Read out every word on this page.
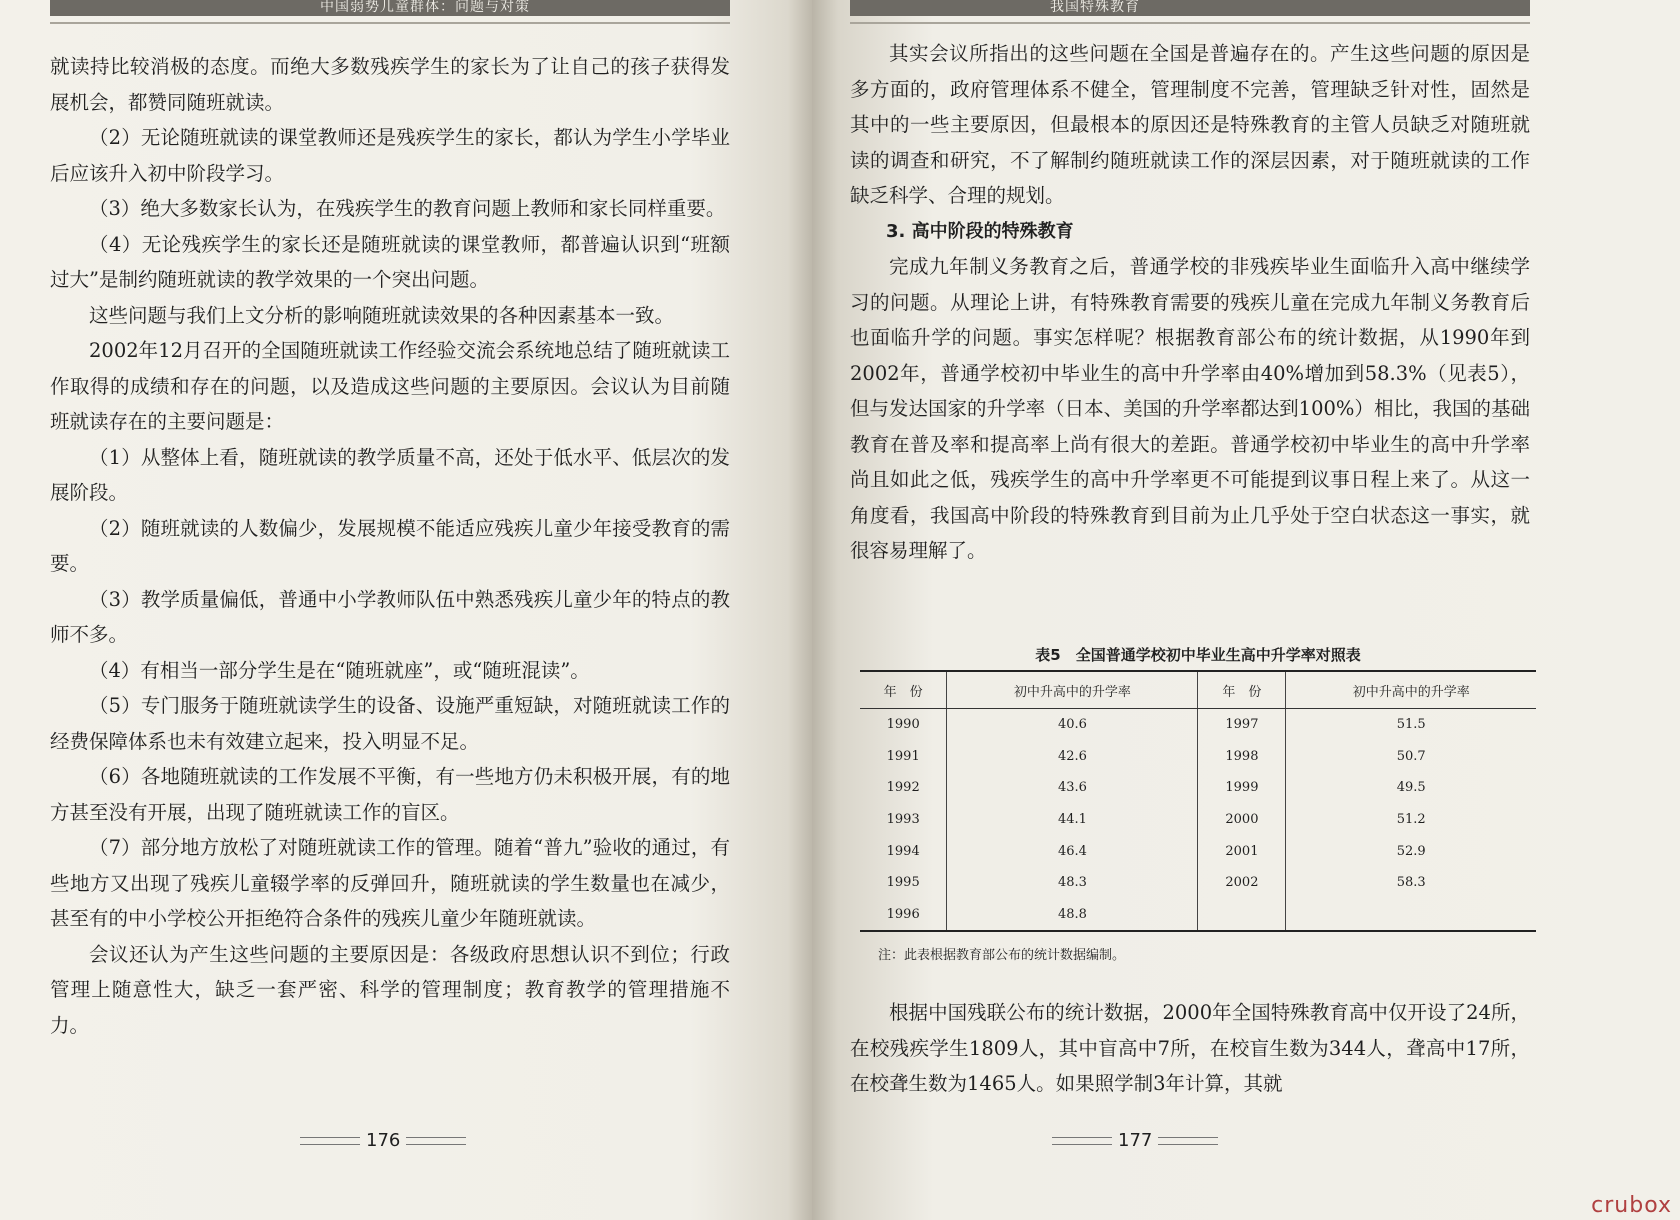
中国弱势儿童群体：问题与对策

就读持比较消极的态度。而绝大多数残疾学生的家长为了让自己的孩子获得发展机会，都赞同随班就读。

（2）无论随班就读的课堂教师还是残疾学生的家长，都认为学生小学毕业后应该升入初中阶段学习。

（3）绝大多数家长认为，在残疾学生的教育问题上教师和家长同样重要。

（4）无论残疾学生的家长还是随班就读的课堂教师，都普遍认识到“班额过大”是制约随班就读的教学效果的一个突出问题。

这些问题与我们上文分析的影响随班就读效果的各种因素基本一致。

2002年12月召开的全国随班就读工作经验交流会系统地总结了随班就读工作取得的成绩和存在的问题，以及造成这些问题的主要原因。会议认为目前随班就读存在的主要问题是：

（1）从整体上看，随班就读的教学质量不高，还处于低水平、低层次的发展阶段。

（2）随班就读的人数偏少，发展规模不能适应残疾儿童少年接受教育的需要。

（3）教学质量偏低，普通中小学教师队伍中熟悉残疾儿童少年的特点的教师不多。

（4）有相当一部分学生是在“随班就座”，或“随班混读”。

（5）专门服务于随班就读学生的设备、设施严重短缺，对随班就读工作的经费保障体系也未有效建立起来，投入明显不足。

（6）各地随班就读的工作发展不平衡，有一些地方仍未积极开展，有的地方甚至没有开展，出现了随班就读工作的盲区。

（7）部分地方放松了对随班就读工作的管理。随着“普九”验收的通过，有些地方又出现了残疾儿童辍学率的反弹回升，随班就读的学生数量也在减少，甚至有的中小学校公开拒绝符合条件的残疾儿童少年随班就读。

会议还认为产生这些问题的主要原因是：各级政府思想认识不到位；行政管理上随意性大，缺乏一套严密、科学的管理制度；教育教学的管理措施不力。

176
我国特殊教育

其实会议所指出的这些问题在全国是普遍存在的。产生这些问题的原因是多方面的，政府管理体系不健全，管理制度不完善，管理缺乏针对性，固然是其中的一些主要原因，但最根本的原因还是特殊教育的主管人员缺乏对随班就读的调查和研究，不了解制约随班就读工作的深层因素，对于随班就读的工作缺乏科学、合理的规划。

3. 高中阶段的特殊教育

完成九年制义务教育之后，普通学校的非残疾毕业生面临升入高中继续学习的问题。从理论上讲，有特殊教育需要的残疾儿童在完成九年制义务教育后也面临升学的问题。事实怎样呢？根据教育部公布的统计数据，从1990年到2002年，普通学校初中毕业生的高中升学率由40%增加到58.3%（见表5），但与发达国家的升学率（日本、美国的升学率都达到100%）相比，我国的基础教育在普及率和提高率上尚有很大的差距。普通学校初中毕业生的高中升学率尚且如此之低，残疾学生的高中升学率更不可能提到议事日程上来了。从这一角度看，我国高中阶段的特殊教育到目前为止几乎处于空白状态这一事实，就很容易理解了。

表5　全国普通学校初中毕业生高中升学率对照表
年　份	初中升高中的升学率	年　份	初中升高中的升学率
1990	40.6	1997	51.5
1991	42.6	1998	50.7
1992	43.6	1999	49.5
1993	44.1	2000	51.2
1994	46.4	2001	52.9
1995	48.3	2002	58.3
1996	48.8		
注：此表根据教育部公布的统计数据编制。

根据中国残联公布的统计数据，2000年全国特殊教育高中仅开设了24所，在校残疾学生1809人，其中盲高中7所，在校盲生数为344人，聋高中17所，在校聋生数为1465人。如果照学制3年计算，其就

177
crubox
